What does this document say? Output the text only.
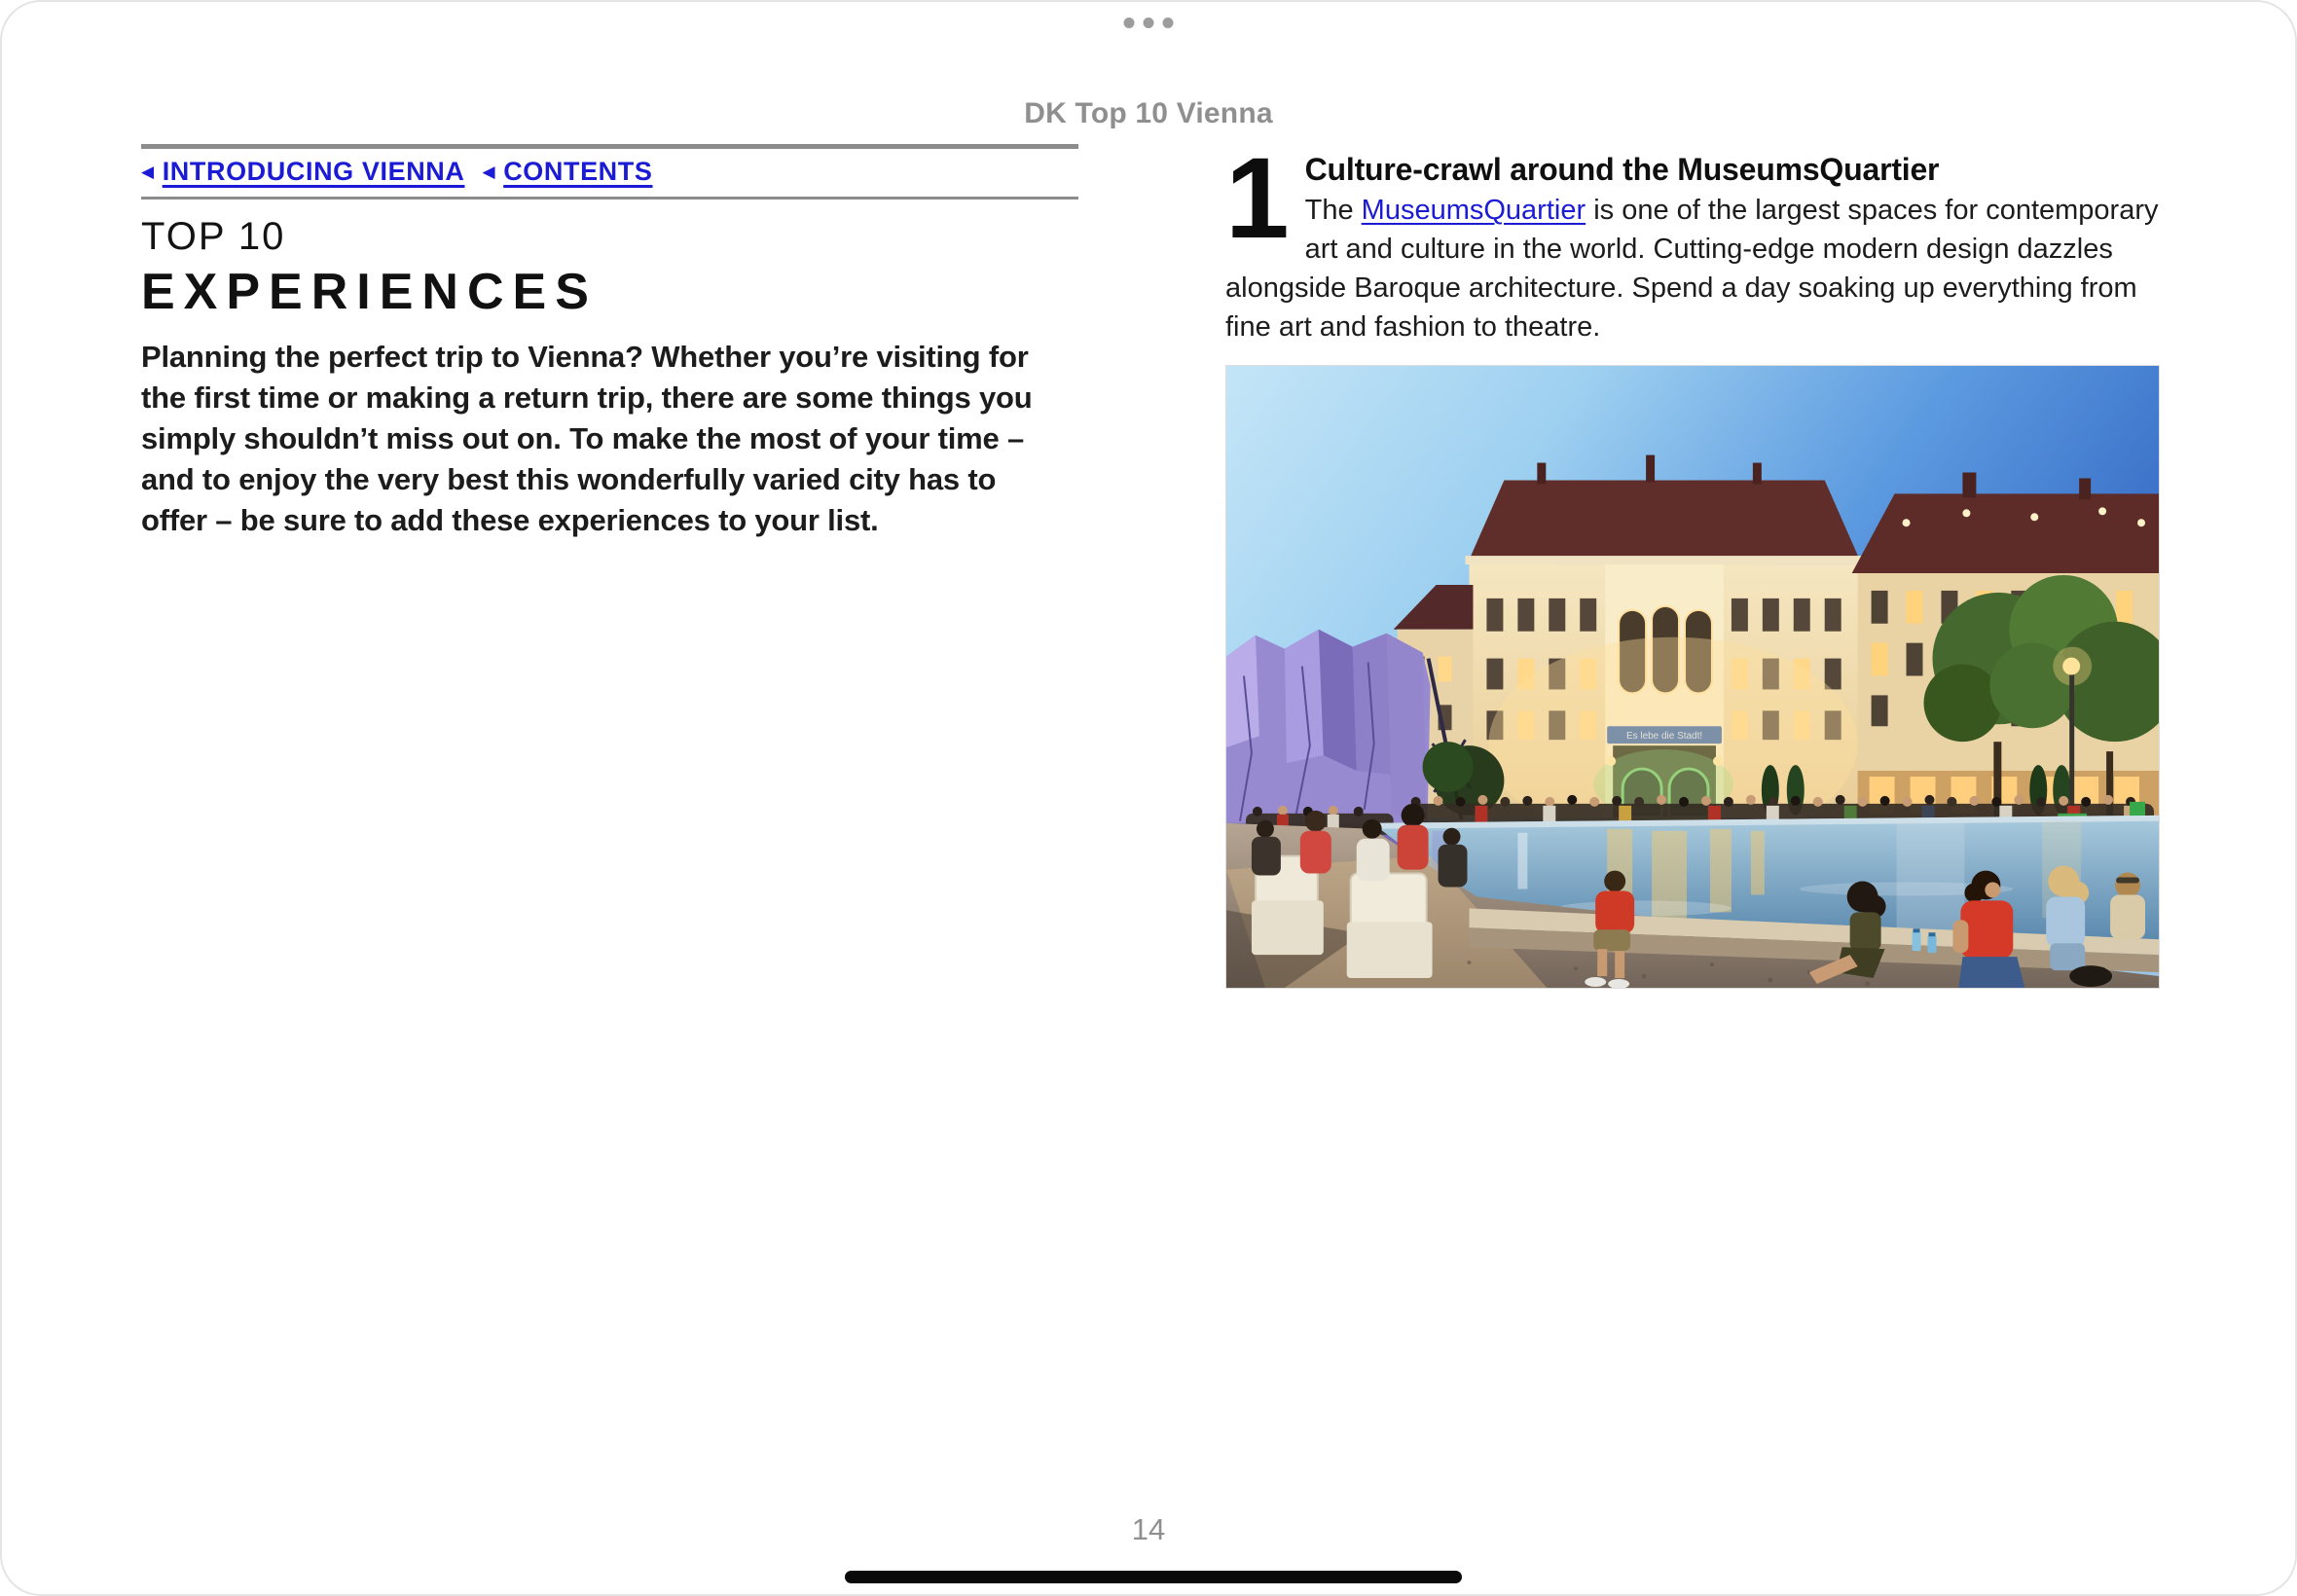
DK Top 10 Vienna
◀ INTRODUCING VIENNA ◀ CONTENTS
TOP 10
EXPERIENCES

Planning the perfect trip to Vienna? Whether you’re visiting for the first time or making a return trip, there are some things you simply shouldn’t miss out on. To make the most of your time – and to enjoy the very best this wonderfully varied city has to offer – be sure to add these experiences to your list.

1 Culture-crawl around the MuseumsQuartier

The MuseumsQuartier is one of the largest spaces for contemporary art and culture in the world. Cutting-edge modern design dazzles alongside Baroque architecture. Spend a day soaking up everything from fine art and fashion to theatre.

Es lebe die Stadt!
14
